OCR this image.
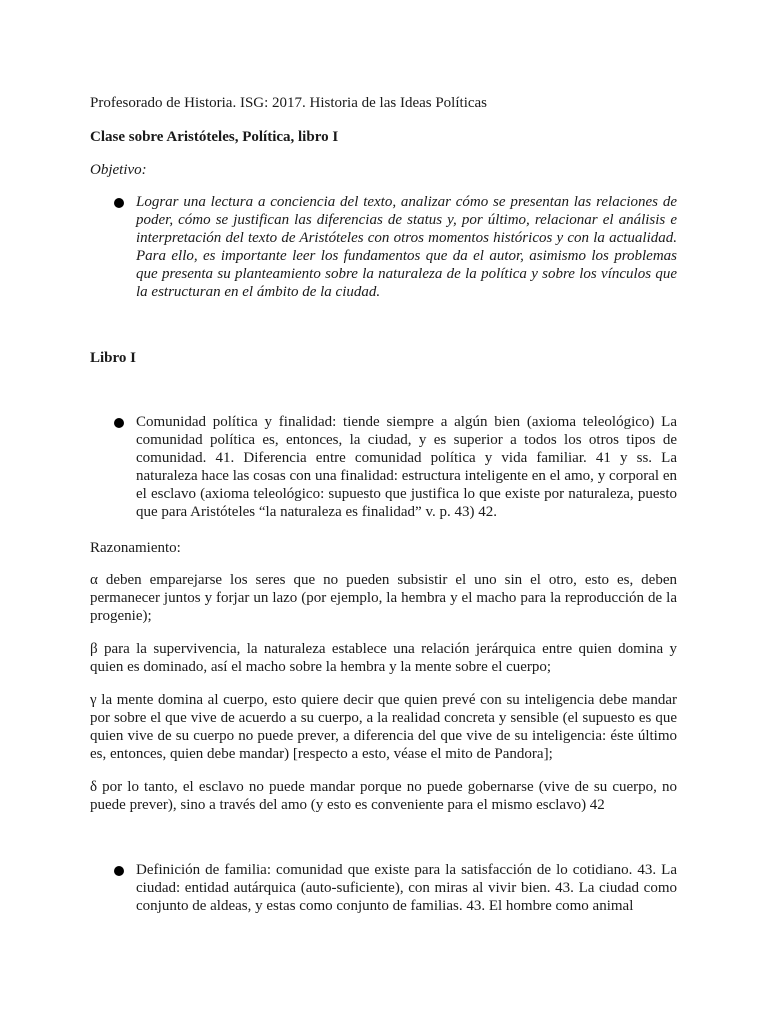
Profesorado de Historia. ISG: 2017. Historia de las Ideas Políticas

Clase sobre Aristóteles, Política, libro I

Objetivo:

Lograr una lectura a conciencia del texto, analizar cómo se presentan las relaciones de poder, cómo se justifican las diferencias de status y, por último, relacionar el análisis e interpretación del texto de Aristóteles con otros momentos históricos y con la actualidad. Para ello, es importante leer los fundamentos que da el autor, asimismo los problemas que presenta su planteamiento sobre la naturaleza de la política y sobre los vínculos que la estructuran en el ámbito de la ciudad.

Libro I

Comunidad política y finalidad: tiende siempre a algún bien (axioma teleológico) La comunidad política es, entonces, la ciudad, y es superior a todos los otros tipos de comunidad. 41. Diferencia entre comunidad política y vida familiar. 41 y ss. La naturaleza hace las cosas con una finalidad: estructura inteligente en el amo, y corporal en el esclavo (axioma teleológico: supuesto que justifica lo que existe por naturaleza, puesto que para Aristóteles “la naturaleza es finalidad” v. p. 43) 42.

Razonamiento:

α deben emparejarse los seres que no pueden subsistir el uno sin el otro, esto es, deben permanecer juntos y forjar un lazo (por ejemplo, la hembra y el macho para la reproducción de la progenie);

β para la supervivencia, la naturaleza establece una relación jerárquica entre quien domina y quien es dominado, así el macho sobre la hembra y la mente sobre el cuerpo;

γ la mente domina al cuerpo, esto quiere decir que quien prevé con su inteligencia debe mandar por sobre el que vive de acuerdo a su cuerpo, a la realidad concreta y sensible (el supuesto es que quien vive de su cuerpo no puede prever, a diferencia del que vive de su inteligencia: éste último es, entonces, quien debe mandar) [respecto a esto, véase el mito de Pandora];

δ por lo tanto, el esclavo no puede mandar porque no puede gobernarse (vive de su cuerpo, no puede prever), sino a través del amo (y esto es conveniente para el mismo esclavo) 42

Definición de familia: comunidad que existe para la satisfacción de lo cotidiano. 43. La ciudad: entidad autárquica (auto-suficiente), con miras al vivir bien. 43. La ciudad como conjunto de aldeas, y estas como conjunto de familias. 43. El hombre como animal
